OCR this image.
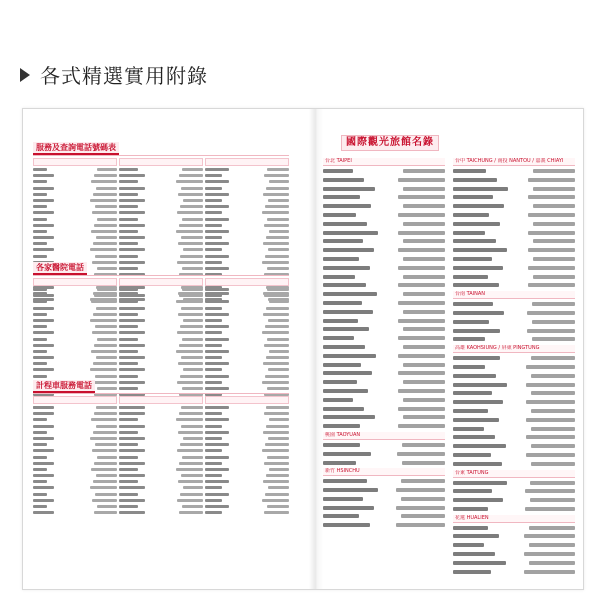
各式精選實用附錄
服務及查詢電話號碼表
各家醫院電話
計程車服務電話
國際觀光旅館名錄
台北 TAIPEI
桃園 TAOYUAN
新竹 HSINCHU
台中 TAICHUNG / 南投 NANTOU / 嘉義 CHIAYI
台南 TAINAN
高雄 KAOHSIUNG / 屏東 PINGTUNG
台東 TAITUNG
花蓮 HUALIEN
